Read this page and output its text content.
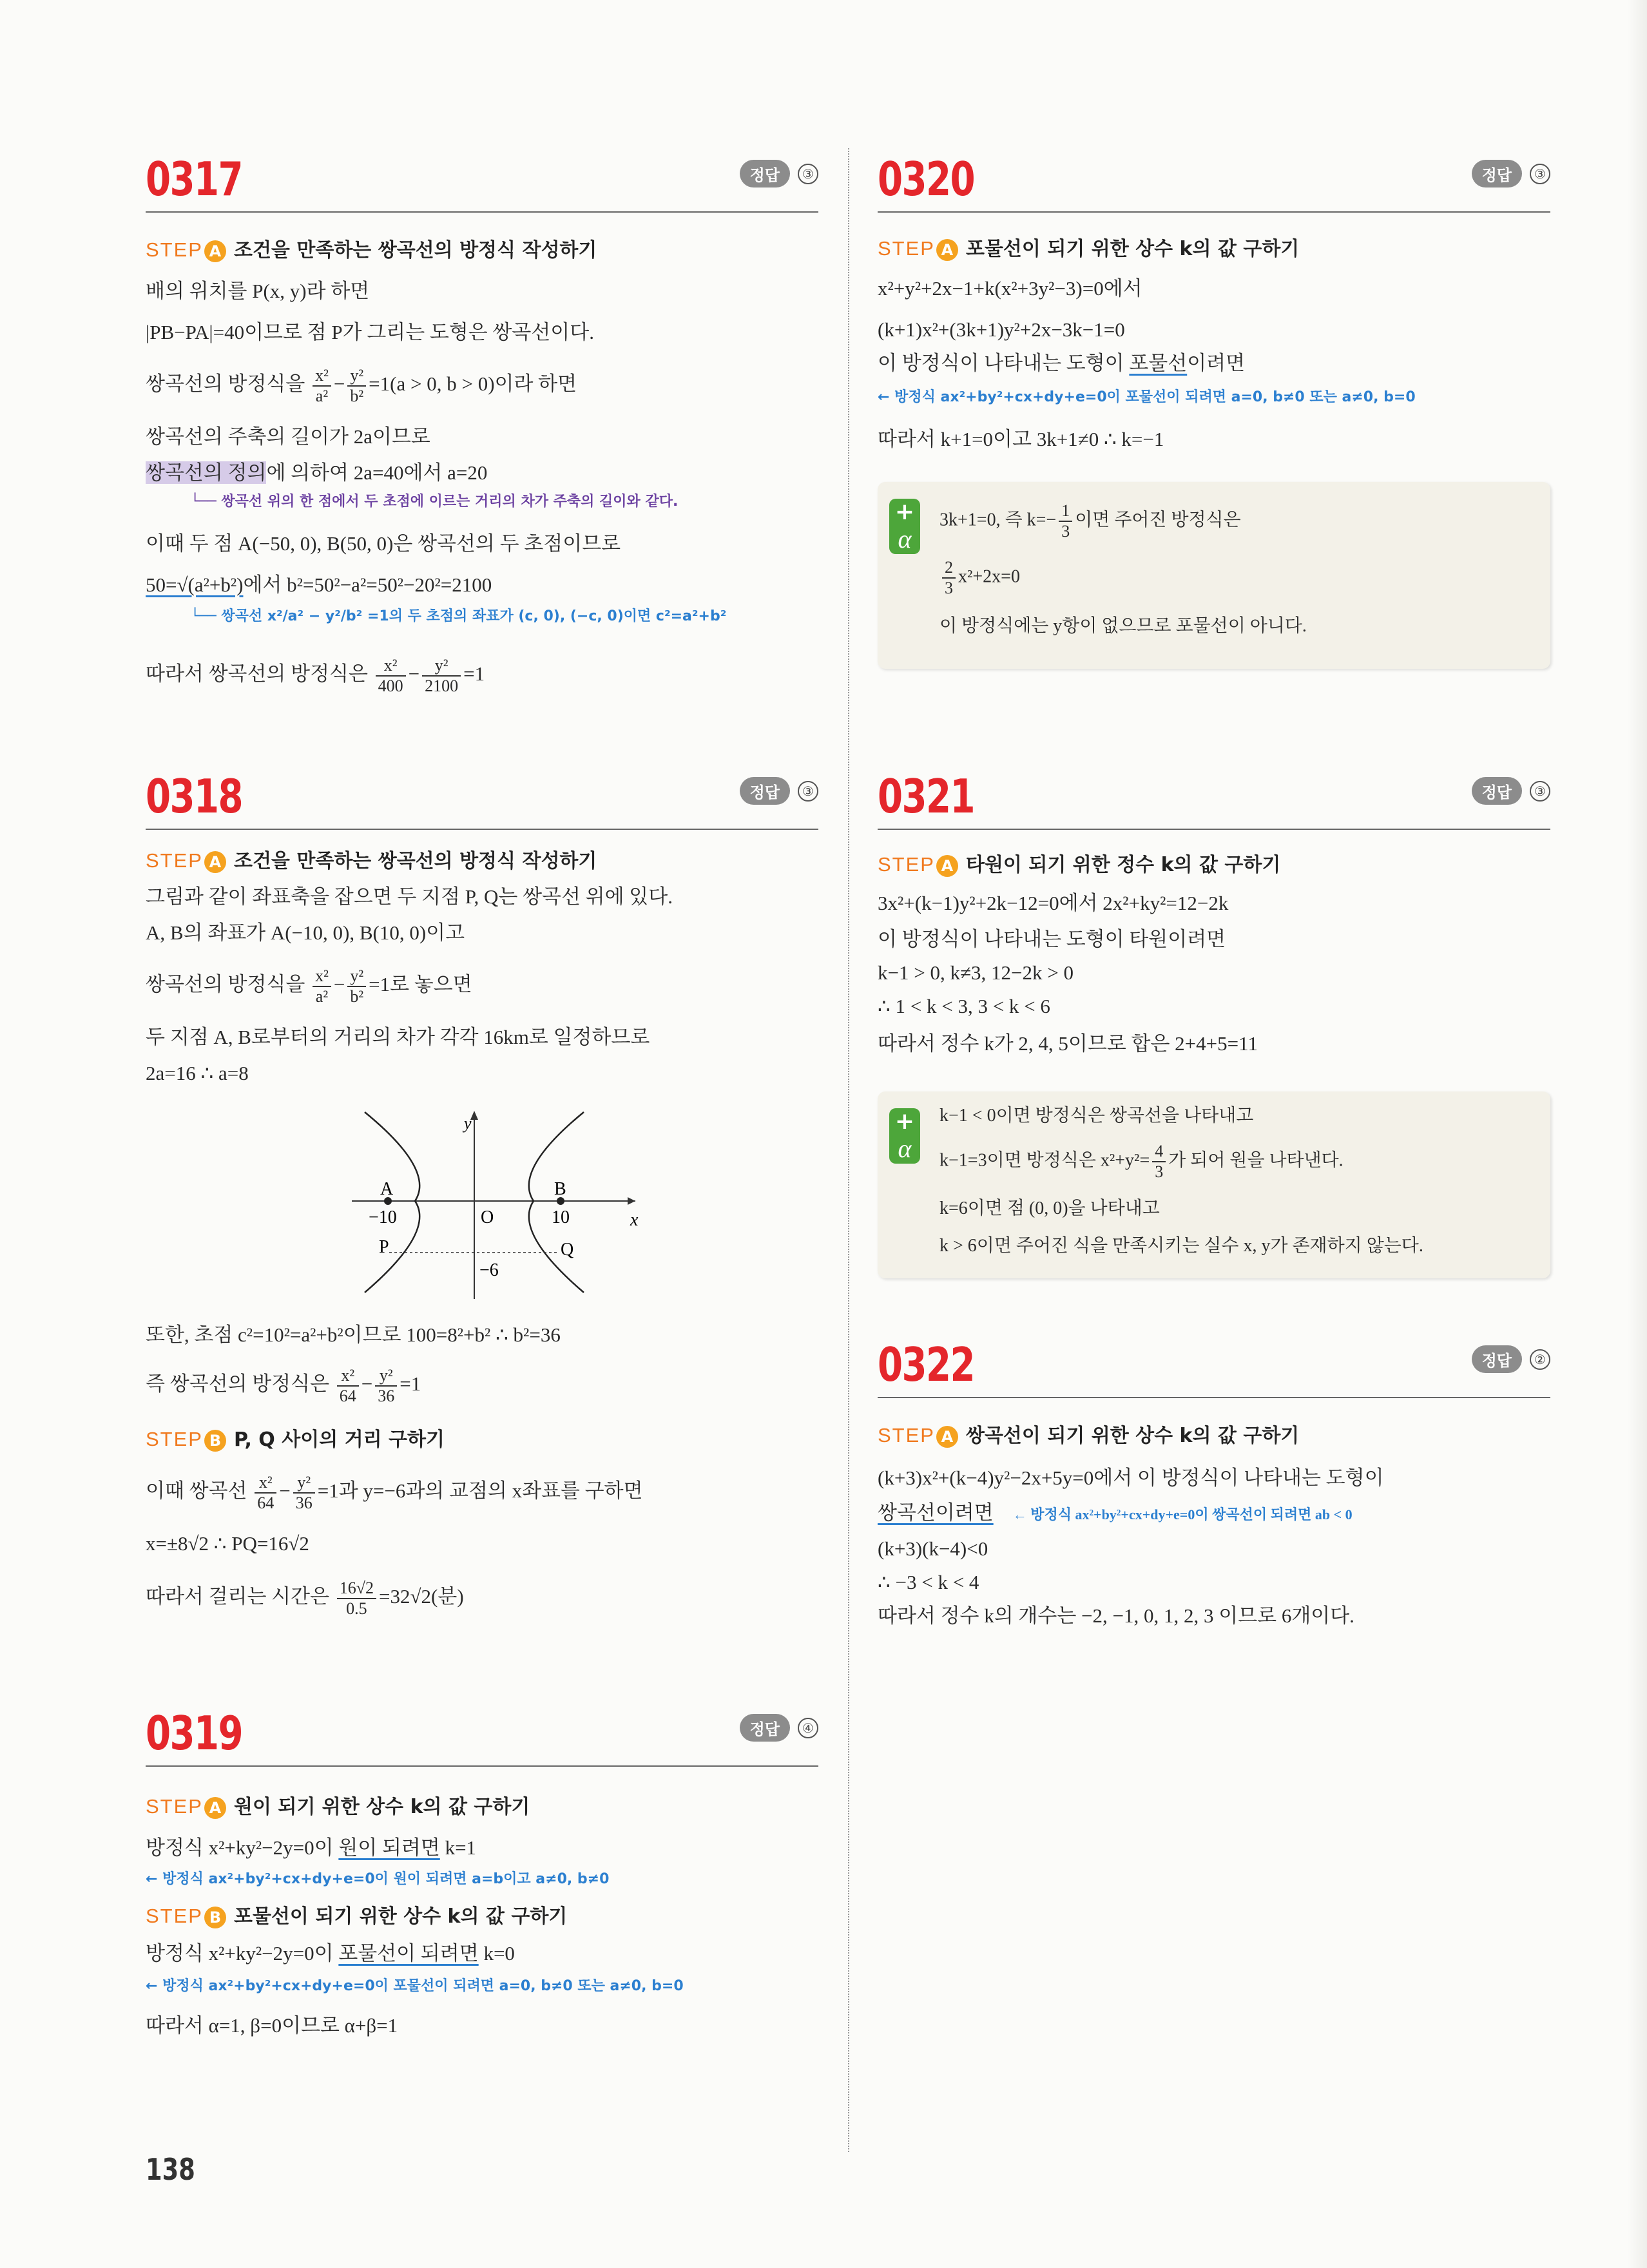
0317	정답	③
STEP A 조건을 만족하는 쌍곡선의 방정식 작성하기
배의 위치를 P(x, y)라 하면
|PB−PA|=40이므로 점 P가 그리는 도형은 쌍곡선이다.
쌍곡선의 방정식을 $\frac{\text{x²}}{\text{a²}} - \frac{\text{y²}}{\text{b²}} =1(a > 0$, b > 0)이라 하면
쌍곡선의 주축의 길이가 2a이므로
쌍곡선의 정의에 의하여 2a=40에서 a=20
└── 쌍곡선 위의 한 점에서 두 초점에 이르는 거리의 차가 주축의 길이와 같다.
이때 두 점 A(−50, 0), B(50, 0)은 쌍곡선의 두 초점이므로
50=√(a²+b²)에서 b²=50²−a²=50²−20²=2100
└── 쌍곡선 x²/a² − y²/b² =1의 두 초점의 좌표가 (c, 0), (−c, 0)이면 c²=a²+b²
따라서 쌍곡선의 방정식은 $\frac{\text{x²}}{400} - \frac{\text{y²}}{2100} =1$
0318	정답	③
STEP A 조건을 만족하는 쌍곡선의 방정식 작성하기
그림과 같이 좌표축을 잡으면 두 지점 P, Q는 쌍곡선 위에 있다.
A, B의 좌표가 A(−10, 0), B(10, 0)이고
쌍곡선의 방정식을 $\frac{\text{x²}}{\text{a²}} - \frac{\text{y²}}{\text{b²}} =1$로 놓으면
두 지점 A, B로부터의 거리의 차가 각각 16km로 일정하므로
2a=16 ∴ a=8
y
x
A	B
−10	10
O
P	Q
−6
또한, 초점 c²=10²=a²+b²이므로 100=8²+b² ∴ b²=36
즉 쌍곡선의 방정식은 $\frac{\text{x²}}{64} - \frac{\text{y²}}{36} =1$
STEP B P, Q 사이의 거리 구하기
이때 쌍곡선 $\frac{\text{x²}}{64} - \frac{\text{y²}}{36} =1$과 y=−6과의 교점의 x좌표를 구하면
x=±8√2 ∴ PQ=16√2
따라서 걸리는 시간은 $\frac{16√2}{0.5} =32√2$(분)
0319	정답	④
STEP A 원이 되기 위한 상수 k의 값 구하기
방정식 x²+ky²−2y=0이 원이 되려면 k=1
← 방정식 ax²+by²+cx+dy+e=0이 원이 되려면 a=b이고 a≠0, b≠0
STEP B 포물선이 되기 위한 상수 k의 값 구하기
방정식 x²+ky²−2y=0이 포물선이 되려면 k=0
← 방정식 ax²+by²+cx+dy+e=0이 포물선이 되려면 a=0, b≠0 또는 a≠0, b=0
따라서 α=1, β=0이므로 α+β=1
0320	정답	③
STEP A 포물선이 되기 위한 상수 k의 값 구하기
x²+y²+2x−1+k(x²+3y²−3)=0에서
(k+1)x²+(3k+1)y²+2x−3k−1=0
이 방정식이 나타내는 도형이 포물선이려면
← 방정식 ax²+by²+cx+dy+e=0이 포물선이 되려면 a=0, b≠0 또는 a≠0, b=0
따라서 k+1=0이고 3k+1≠0 ∴ k=−1
+
α
3k+1=0, 즉 $k=- \frac{1}{3}$ 이면 주어진 방정식은
$\frac{2}{3} x^2+2x=0$
이 방정식에는 y항이 없으므로 포물선이 아니다.
0321	정답	③
STEP A 타원이 되기 위한 정수 k의 값 구하기
3x²+(k−1)y²+2k−12=0에서 2x²+ky²=12−2k
이 방정식이 나타내는 도형이 타원이려면
k−1 > 0, k≠3, 12−2k > 0
∴ 1 < k < 3, 3 < k < 6
따라서 정수 k가 2, 4, 5이므로 합은 2+4+5=11
+
α
k−1 < 0이면 방정식은 쌍곡선을 나타내고
k−1=3이면 방정식은 $x^2+y^2= \frac{4}{3}$ 가 되어 원을 나타낸다.
k=6이면 점 (0, 0)을 나타내고
k > 6이면 주어진 식을 만족시키는 실수 x, y가 존재하지 않는다.
0322	정답	②
STEP A 쌍곡선이 되기 위한 상수 k의 값 구하기
(k+3)x²+(k−4)y²−2x+5y=0에서 이 방정식이 나타내는 도형이
쌍곡선이려면 ← 방정식 ax²+by²+cx+dy+e=0이 쌍곡선이 되려면 ab < 0
(k+3)(k−4)<0
∴ −3 < k < 4
따라서 정수 k의 개수는 −2, −1, 0, 1, 2, 3 이므로 6개이다.
138
